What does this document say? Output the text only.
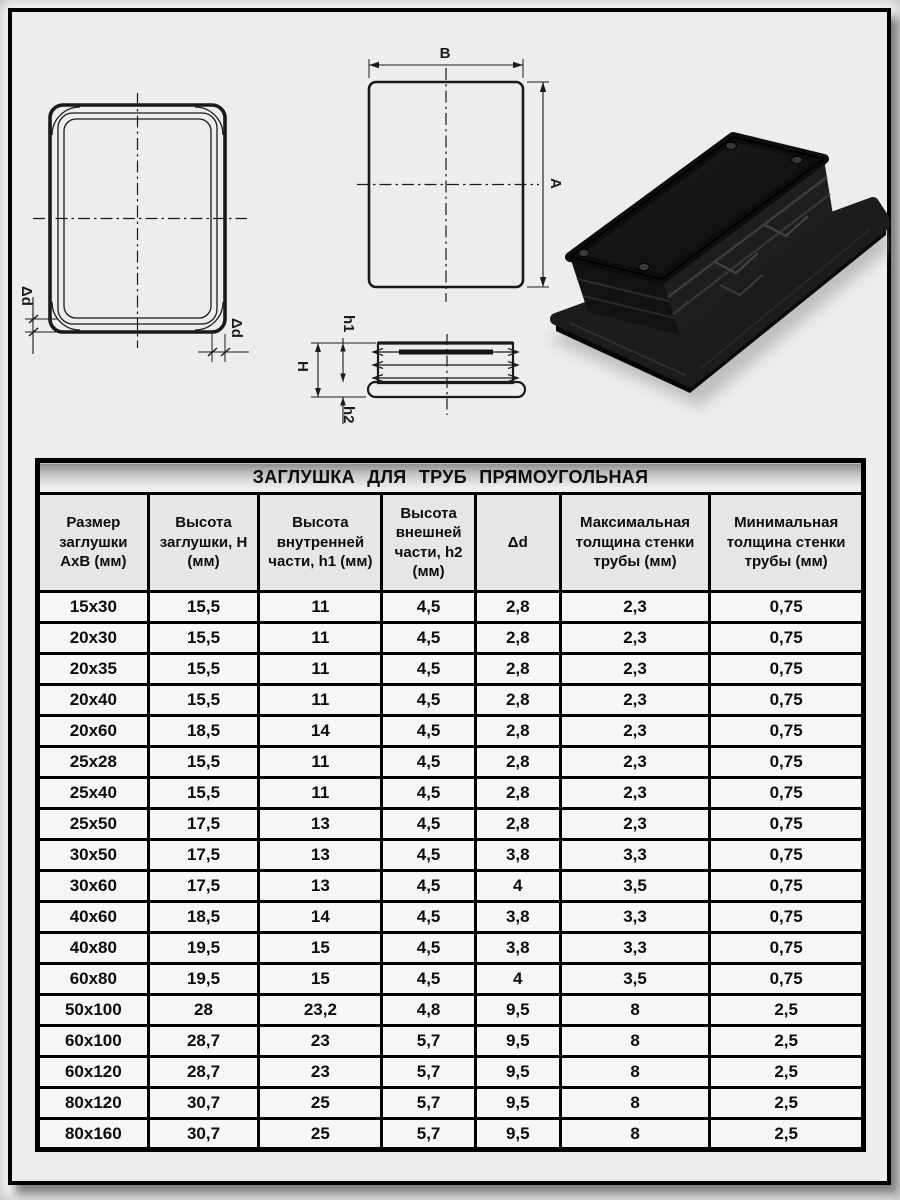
Δd
Δd
B
A
h1
H
h2
ЗАГЛУШКА ДЛЯ ТРУБ ПРЯМОУГОЛЬНАЯ						
Размер заглушки АхВ (мм)	Высота заглушки, Н (мм)	Высота внутренней части, h1 (мм)	Высота внешней части, h2 (мм)	Δd	Максимальная толщина стенки трубы (мм)	Минимальная толщина стенки трубы (мм)
15x30	15,5	11	4,5	2,8	2,3	0,75
20x30	15,5	11	4,5	2,8	2,3	0,75
20x35	15,5	11	4,5	2,8	2,3	0,75
20x40	15,5	11	4,5	2,8	2,3	0,75
20x60	18,5	14	4,5	2,8	2,3	0,75
25x28	15,5	11	4,5	2,8	2,3	0,75
25x40	15,5	11	4,5	2,8	2,3	0,75
25x50	17,5	13	4,5	2,8	2,3	0,75
30x50	17,5	13	4,5	3,8	3,3	0,75
30x60	17,5	13	4,5	4	3,5	0,75
40x60	18,5	14	4,5	3,8	3,3	0,75
40x80	19,5	15	4,5	3,8	3,3	0,75
60x80	19,5	15	4,5	4	3,5	0,75
50x100	28	23,2	4,8	9,5	8	2,5
60x100	28,7	23	5,7	9,5	8	2,5
60x120	28,7	23	5,7	9,5	8	2,5
80x120	30,7	25	5,7	9,5	8	2,5
80x160	30,7	25	5,7	9,5	8	2,5
